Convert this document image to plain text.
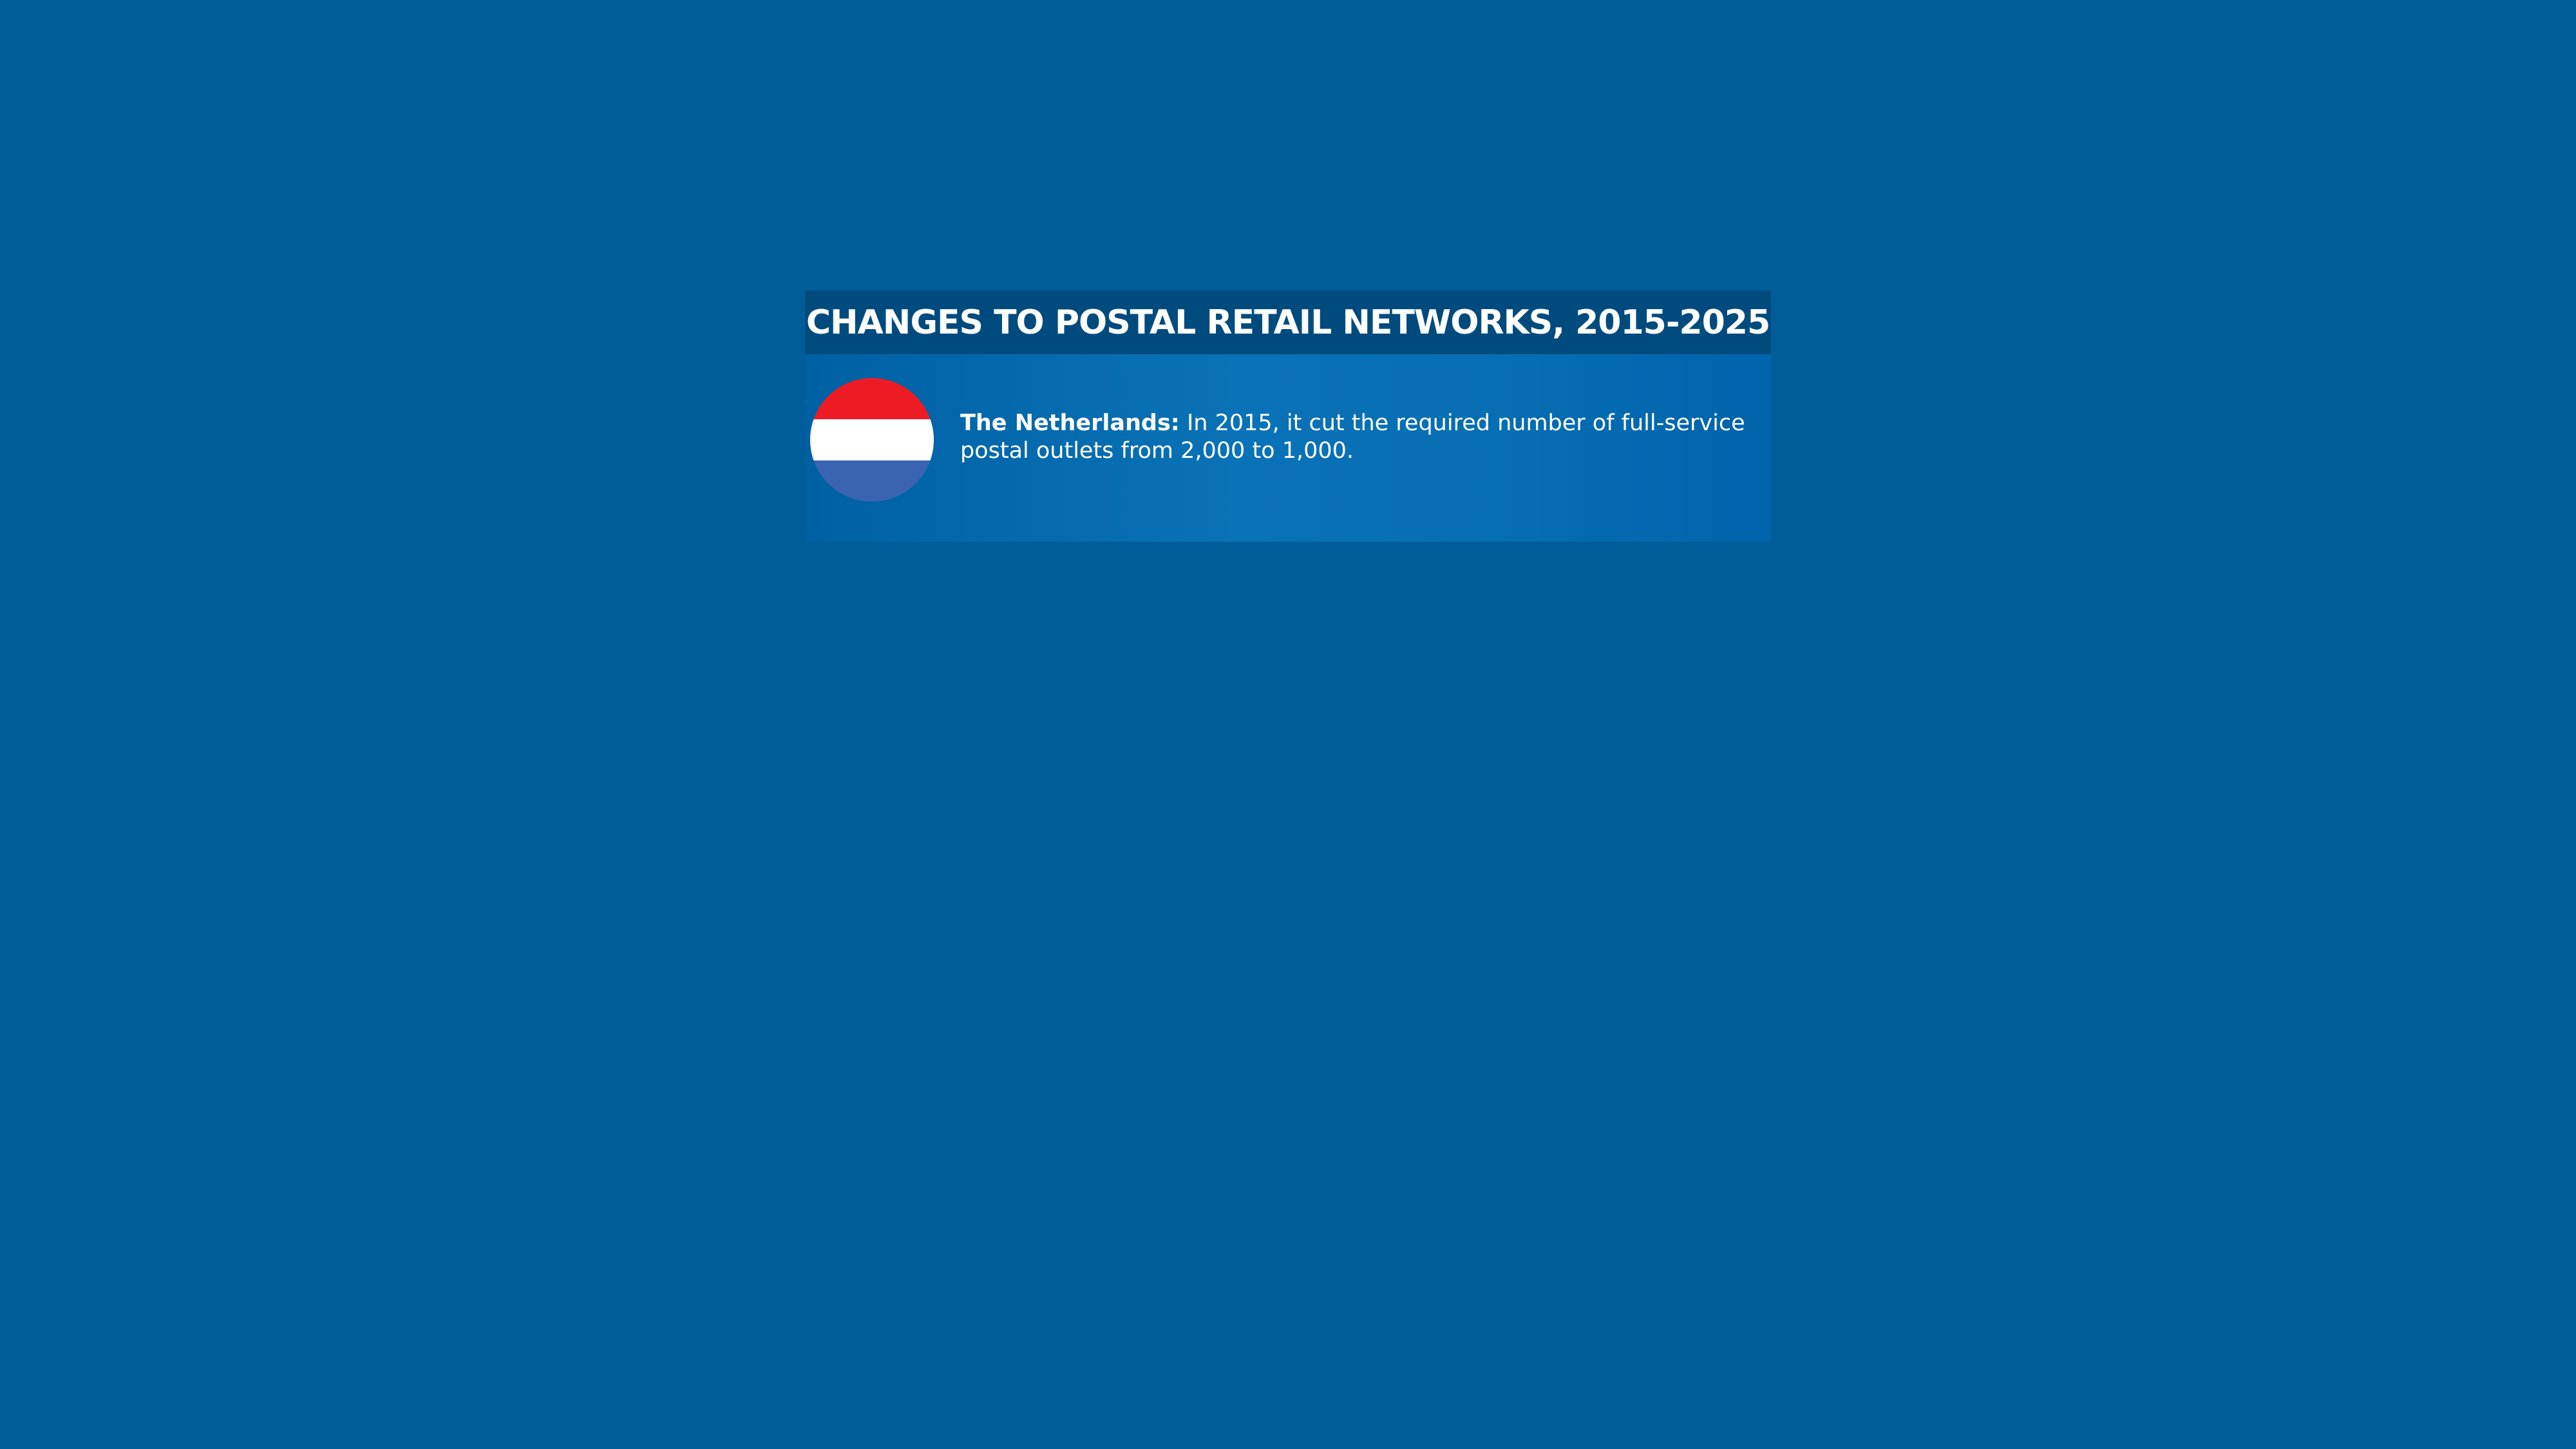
CHANGES TO POSTAL RETAIL NETWORKS, 2015-2025
The Netherlands: In 2015, it cut the required number of full-service postal outlets from 2,000 to 1,000.
